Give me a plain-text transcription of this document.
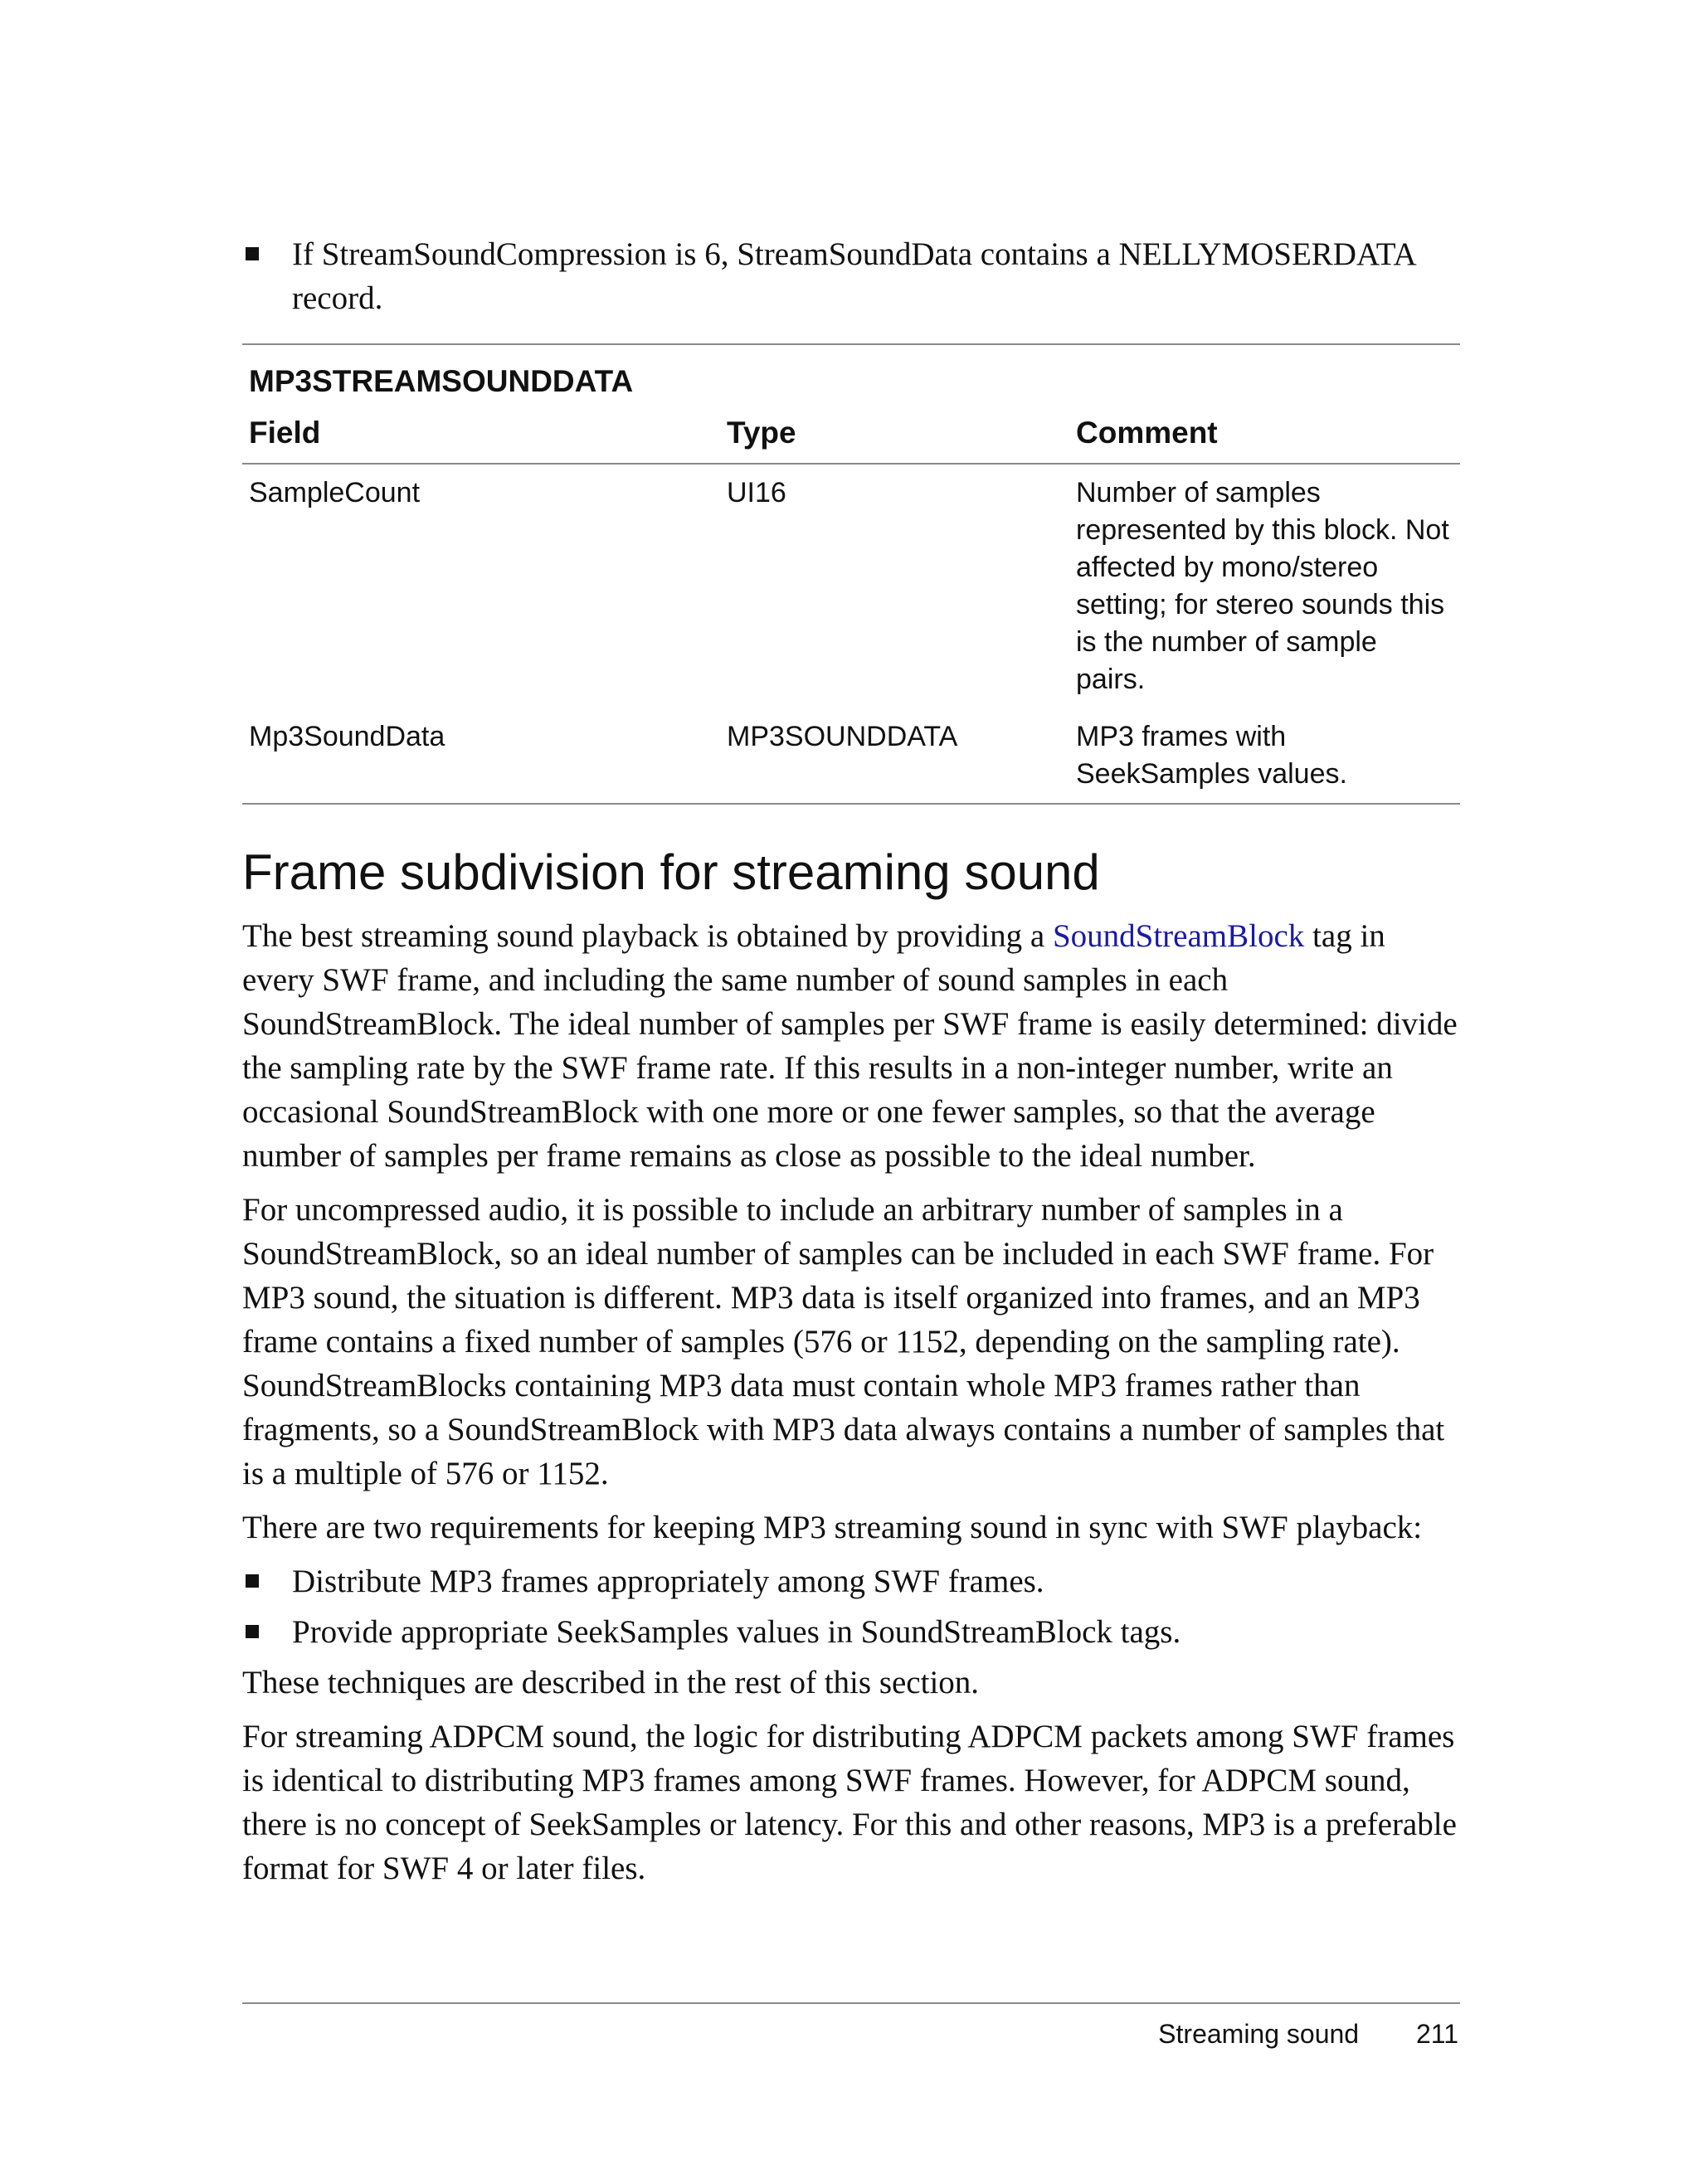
If StreamSoundCompression is 6, StreamSoundData contains a NELLYMOSERDATA record.
MP3STREAMSOUNDDATA
Field	Type	Comment
SampleCount	UI16	Number of samples represented by this block. Not affected by mono/stereo setting; for stereo sounds this is the number of sample pairs.
Mp3SoundData	MP3SOUNDDATA	MP3 frames with SeekSamples values.
Frame subdivision for streaming sound

The best streaming sound playback is obtained by providing a SoundStreamBlock tag in every SWF frame, and including the same number of sound samples in each SoundStreamBlock. The ideal number of samples per SWF frame is easily determined: divide the sampling rate by the SWF frame rate. If this results in a non-integer number, write an occasional SoundStreamBlock with one more or one fewer samples, so that the average number of samples per frame remains as close as possible to the ideal number.

For uncompressed audio, it is possible to include an arbitrary number of samples in a SoundStreamBlock, so an ideal number of samples can be included in each SWF frame. For MP3 sound, the situation is different. MP3 data is itself organized into frames, and an MP3 frame contains a fixed number of samples (576 or 1152, depending on the sampling rate). SoundStreamBlocks containing MP3 data must contain whole MP3 frames rather than fragments, so a SoundStreamBlock with MP3 data always contains a number of samples that is a multiple of 576 or 1152.

There are two requirements for keeping MP3 streaming sound in sync with SWF playback:

Distribute MP3 frames appropriately among SWF frames.
Provide appropriate SeekSamples values in SoundStreamBlock tags.

These techniques are described in the rest of this section.

For streaming ADPCM sound, the logic for distributing ADPCM packets among SWF frames is identical to distributing MP3 frames among SWF frames. However, for ADPCM sound, there is no concept of SeekSamples or latency. For this and other reasons, MP3 is a preferable format for SWF 4 or later files.

Streaming sound 211
